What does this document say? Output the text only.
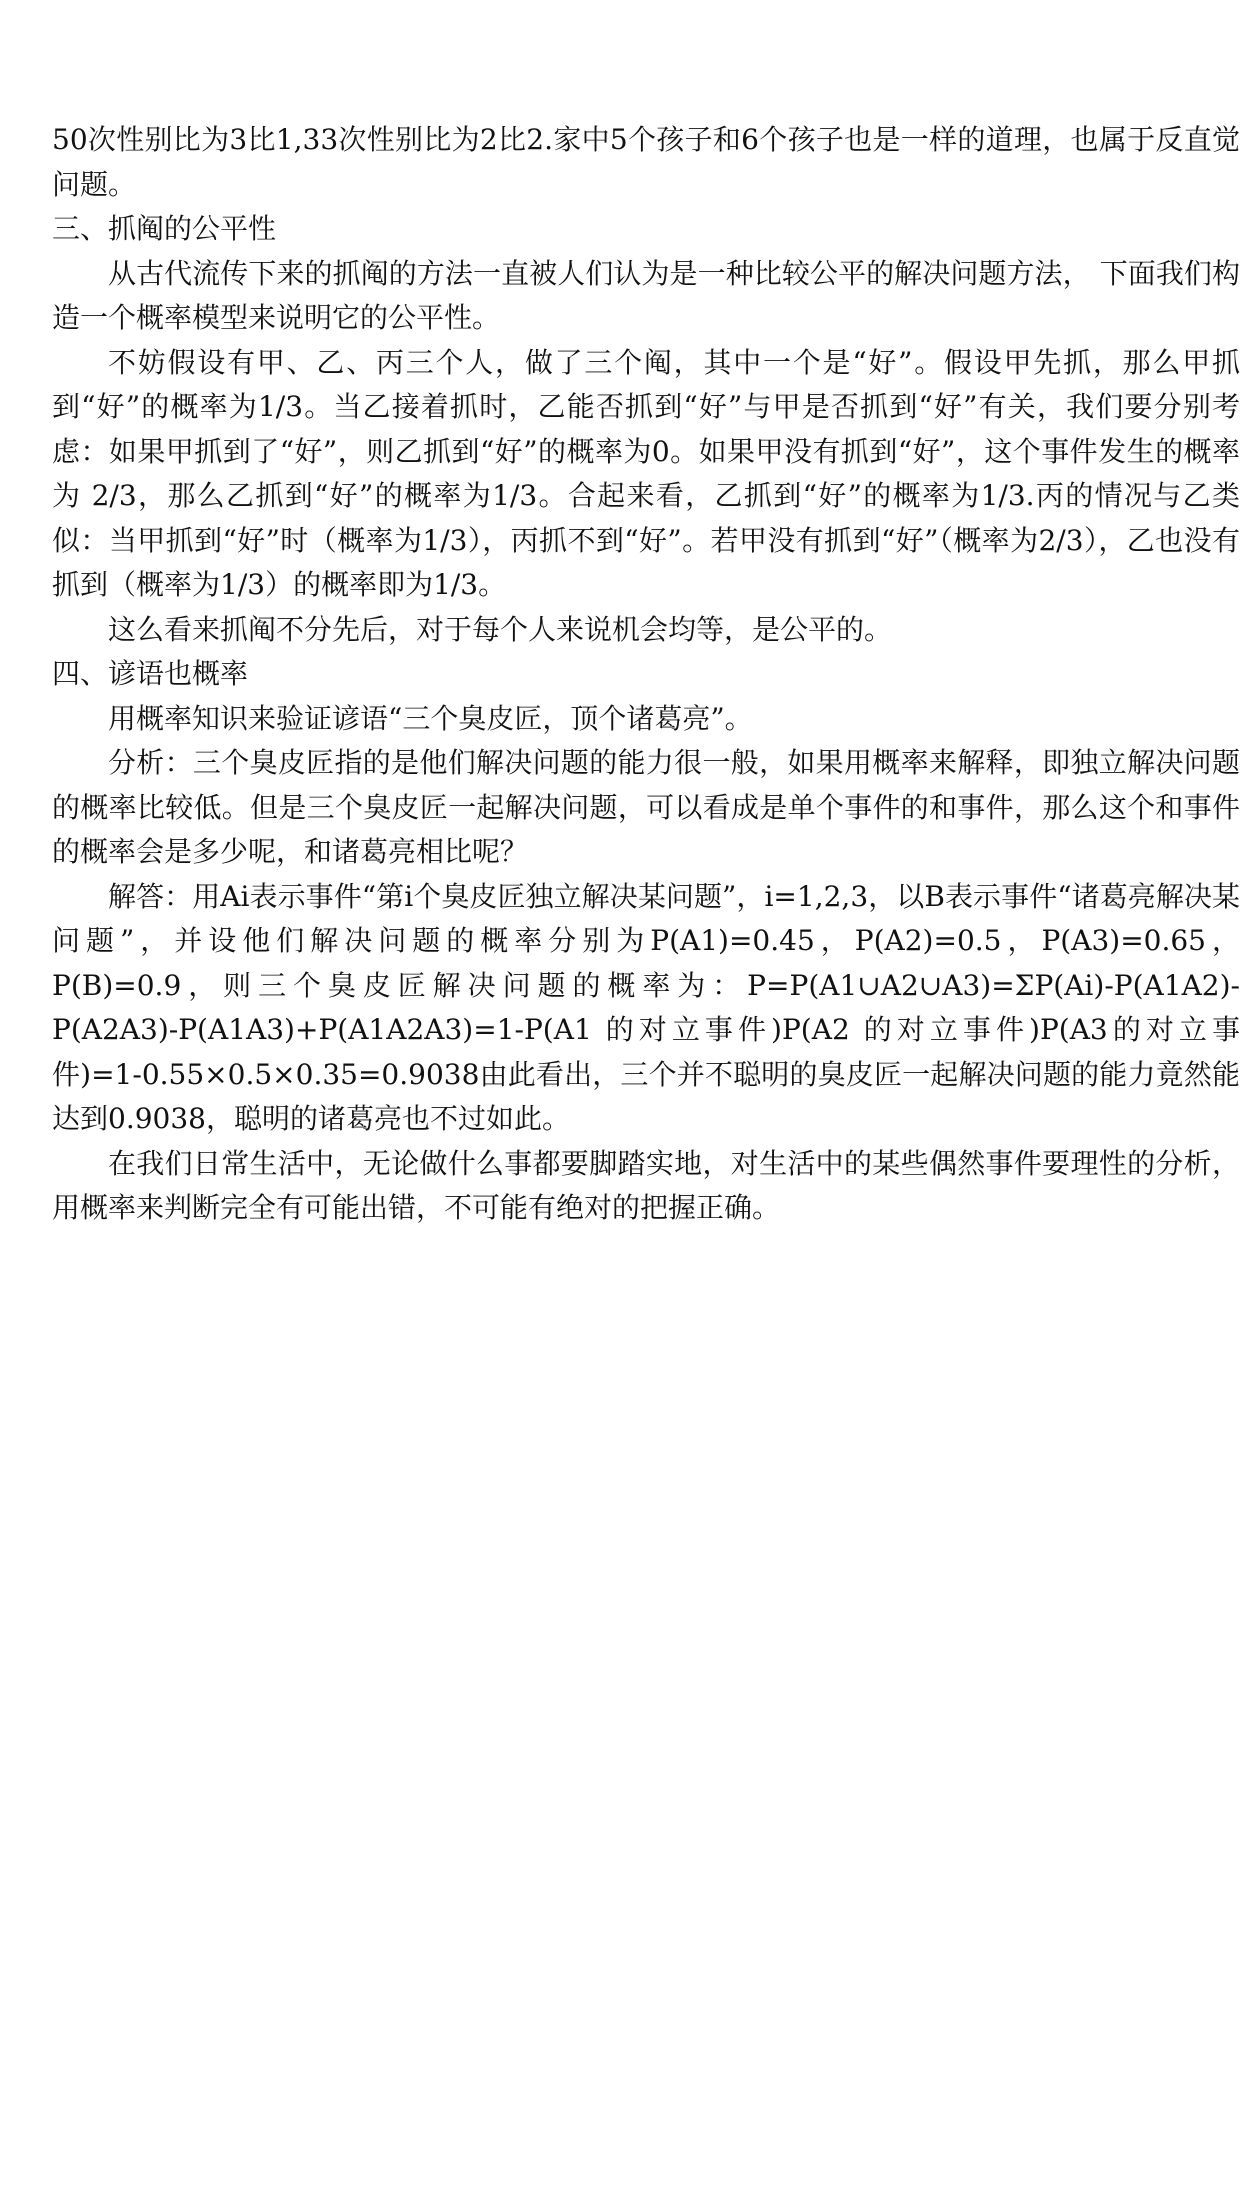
50次性别比为3比1,33次性别比为2比2.家中5个孩子和6个孩子也是一样的道理，也属于反直觉问题。

三、抓阄的公平性

从古代流传下来的抓阄的方法一直被人们认为是一种比较公平的解决问题方法， 下面我们构造一个概率模型来说明它的公平性。

不妨假设有甲、乙、丙三个人，做了三个阄，其中一个是“好”。假设甲先抓，那么甲抓到“好”的概率为1/3。当乙接着抓时，乙能否抓到“好”与甲是否抓到“好”有关，我们要分别考虑：如果甲抓到了“好”，则乙抓到“好”的概率为0。如果甲没有抓到“好”，这个事件发生的概率为 2/3，那么乙抓到“好”的概率为1/3。合起来看，乙抓到“好”的概率为1/3.丙的情况与乙类似：当甲抓到“好”时（概率为1/3），丙抓不到“好”。若甲没有抓到“好”（概率为2/3），乙也没有抓到（概率为1/3）的概率即为1/3。

这么看来抓阄不分先后，对于每个人来说机会均等，是公平的。

四、谚语也概率

用概率知识来验证谚语“三个臭皮匠，顶个诸葛亮”。

分析：三个臭皮匠指的是他们解决问题的能力很一般，如果用概率来解释，即独立解决问题的概率比较低。但是三个臭皮匠一起解决问题，可以看成是单个事件的和事件，那么这个和事件的概率会是多少呢，和诸葛亮相比呢？

解答：用Ai表示事件“第i个臭皮匠独立解决某问题”，i=1,2,3，以B表示事件“诸葛亮解决某问题”，并设他们解决问题的概率分别为P(A1)=0.45，P(A2)=0.5，P(A3)=0.65，P(B)=0.9，则三个臭皮匠解决问题的概率为：P=P(A1∪A2∪A3)=ΣP(Ai)-P(A1A2)-P(A2A3)-P(A1A3)+P(A1A2A3)=1-P(A1 的对立事件)P(A2 的对立事件)P(A3的对立事件)=1-0.55×0.5×0.35=0.9038由此看出，三个并不聪明的臭皮匠一起解决问题的能力竟然能达到0.9038，聪明的诸葛亮也不过如此。

在我们日常生活中，无论做什么事都要脚踏实地，对生活中的某些偶然事件要理性的分析，用概率来判断完全有可能出错，不可能有绝对的把握正确。
